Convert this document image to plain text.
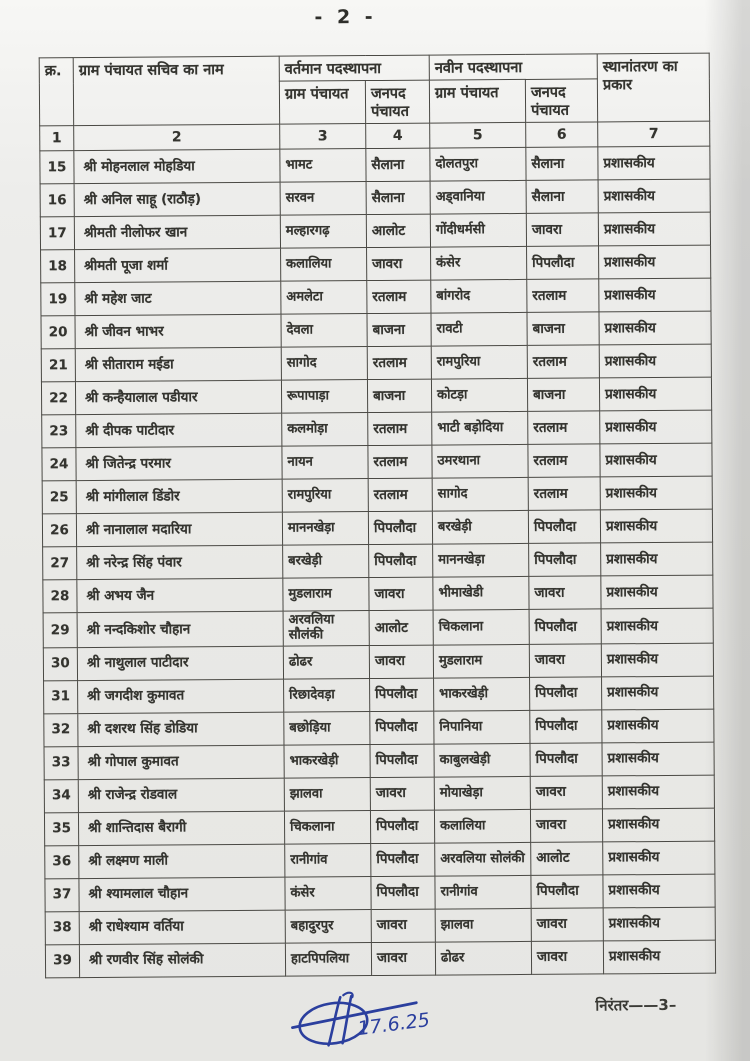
- 2 -
क्र.	ग्राम पंचायत सचिव का नाम	वर्तमान पदस्थापना		नवीन पदस्थापना		स्थानांतरण का प्रकार
		ग्राम पंचायत	जनपद पंचायत	ग्राम पंचायत	जनपद पंचायत	
1	2	3	4	5	6	7
15	श्री मोहनलाल मोहडिया	भामट	सैलाना	दोलतपुरा	सैलाना	प्रशासकीय
16	श्री अनिल साहू (राठौड़)	सरवन	सैलाना	अड्वानिया	सैलाना	प्रशासकीय
17	श्रीमती नीलोफर खान	मल्हारगढ़	आलोट	गोंदीधर्मसी	जावरा	प्रशासकीय
18	श्रीमती पूजा शर्मा	कलालिया	जावरा	कंसेर	पिपलौदा	प्रशासकीय
19	श्री महेश जाट	अमलेटा	रतलाम	बांगरोद	रतलाम	प्रशासकीय
20	श्री जीवन भाभर	देवला	बाजना	रावटी	बाजना	प्रशासकीय
21	श्री सीताराम मईडा	सागोद	रतलाम	रामपुरिया	रतलाम	प्रशासकीय
22	श्री कन्हैयालाल पडीयार	रूपापाड़ा	बाजना	कोटड़ा	बाजना	प्रशासकीय
23	श्री दीपक पाटीदार	कलमोड़ा	रतलाम	भाटी बड़ोदिया	रतलाम	प्रशासकीय
24	श्री जितेन्द्र परमार	नायन	रतलाम	उमरथाना	रतलाम	प्रशासकीय
25	श्री मांगीलाल डिंडोर	रामपुरिया	रतलाम	सागोद	रतलाम	प्रशासकीय
26	श्री नानालाल मदारिया	माननखेड़ा	पिपलौदा	बरखेड़ी	पिपलौदा	प्रशासकीय
27	श्री नरेन्द्र सिंह पंवार	बरखेड़ी	पिपलौदा	माननखेड़ा	पिपलौदा	प्रशासकीय
28	श्री अभय जैन	मुडलाराम	जावरा	भीमाखेडी	जावरा	प्रशासकीय
29	श्री नन्दकिशोर चौहान	अरवलिया सौलंकी	आलोट	चिकलाना	पिपलौदा	प्रशासकीय
30	श्री नाथुलाल पाटीदार	ढोढर	जावरा	मुडलाराम	जावरा	प्रशासकीय
31	श्री जगदीश कुमावत	रिछादेवड़ा	पिपलौदा	भाकरखेड़ी	पिपलौदा	प्रशासकीय
32	श्री दशरथ सिंह डोडिया	बछोड़िया	पिपलौदा	निपानिया	पिपलौदा	प्रशासकीय
33	श्री गोपाल कुमावत	भाकरखेड़ी	पिपलौदा	काबुलखेड़ी	पिपलौदा	प्रशासकीय
34	श्री राजेन्द्र रोडवाल	झालवा	जावरा	मोयाखेड़ा	जावरा	प्रशासकीय
35	श्री शान्तिदास बैरागी	चिकलाना	पिपलौदा	कलालिया	जावरा	प्रशासकीय
36	श्री लक्ष्मण माली	रानीगांव	पिपलौदा	अरवलिया सोलंकी	आलोट	प्रशासकीय
37	श्री श्यामलाल चौहान	कंसेर	पिपलौदा	रानीगांव	पिपलौदा	प्रशासकीय
38	श्री राधेश्याम वर्तिया	बहादुरपुर	जावरा	झालवा	जावरा	प्रशासकीय
39	श्री रणवीर सिंह सोलंकी	हाटपिपलिया	जावरा	ढोढर	जावरा	प्रशासकीय
17.6.25
निरंतर——3–
